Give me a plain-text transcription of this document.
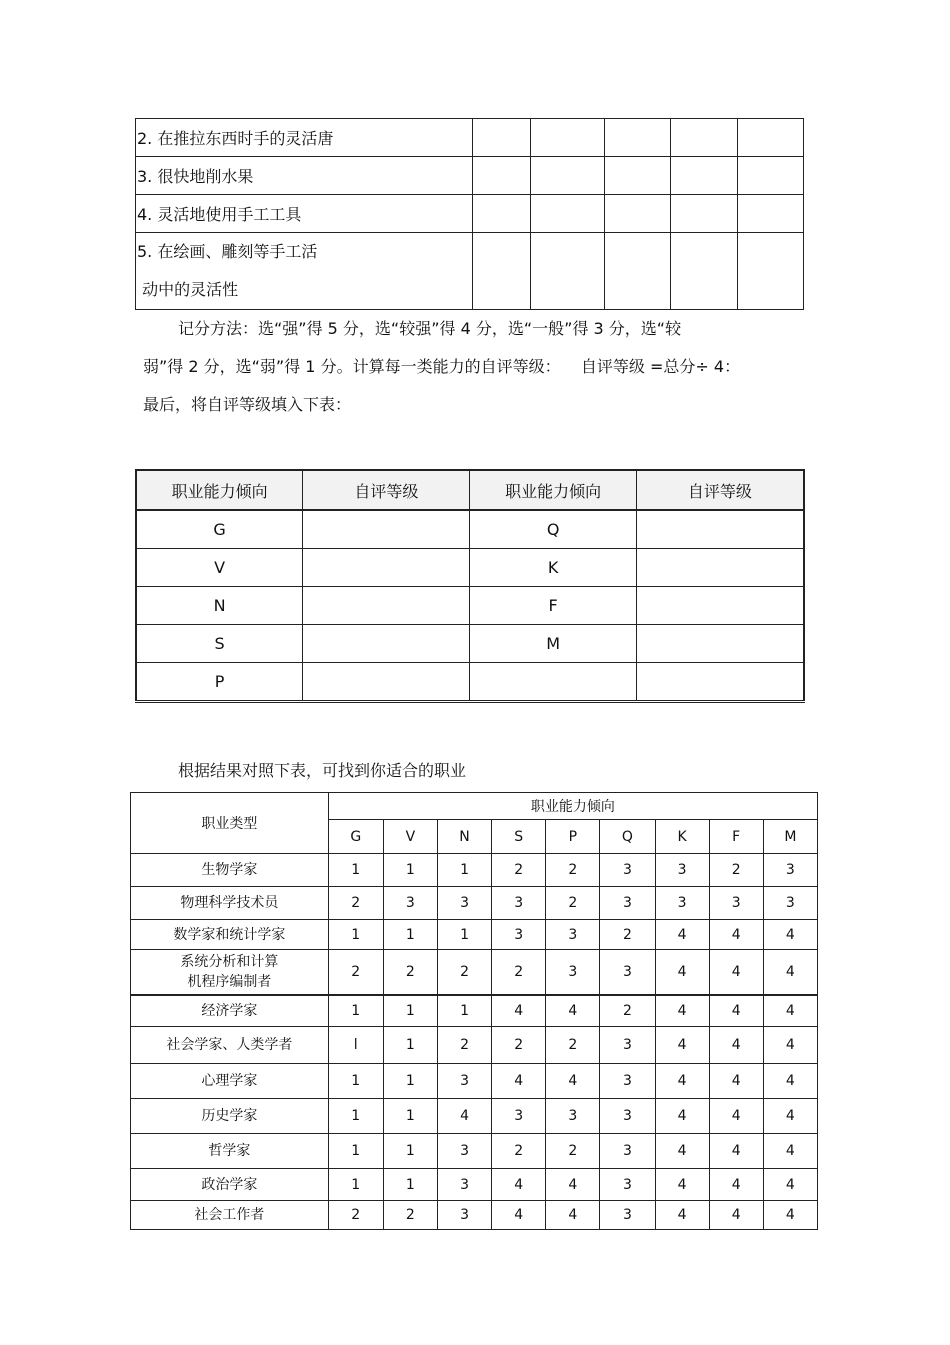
2. 在推拉东西时手的灵活唐					
3. 很快地削水果					
4. 灵活地使用手工工具					

5. 在绘画、雕刻等手工活
动中的灵活性					

记分方法：选“强”得 5 分，选“较强”得 4 分，选“一般”得 3 分，选“较
弱”得 2 分，选“弱”得 1 分。计算每一类能力的自评等级：    自评等级 =总分÷ 4：
最后，将自评等级填入下表：
职业能力倾向	自评等级	职业能力倾向	自评等级
G		Q	
V		K	
N		F	
S		M	
P			
根据结果对照下表，可找到你适合的职业
职业类型	职业能力倾向								
	G	V	N	S	P	Q	K	F	M

生物学家	1	1	1	2	2	3	3	2	3

物理科学技术员	2	3	3	3	2	3	3	3	3

数学家和统计学家	1	1	1	3	3	2	4	4	4

系统分析和计算
机程序编制者	2	2	2	2	3	3	4	4	4

经济学家	1	1	1	4	4	2	4	4	4

社会学家、人类学者	l	1	2	2	2	3	4	4	4

心理学家	1	1	3	4	4	3	4	4	4

历史学家	1	1	4	3	3	3	4	4	4

哲学家	1	1	3	2	2	3	4	4	4

政治学家	1	1	3	4	4	3	4	4	4

社会工作者	2	2	3	4	4	3	4	4	4
